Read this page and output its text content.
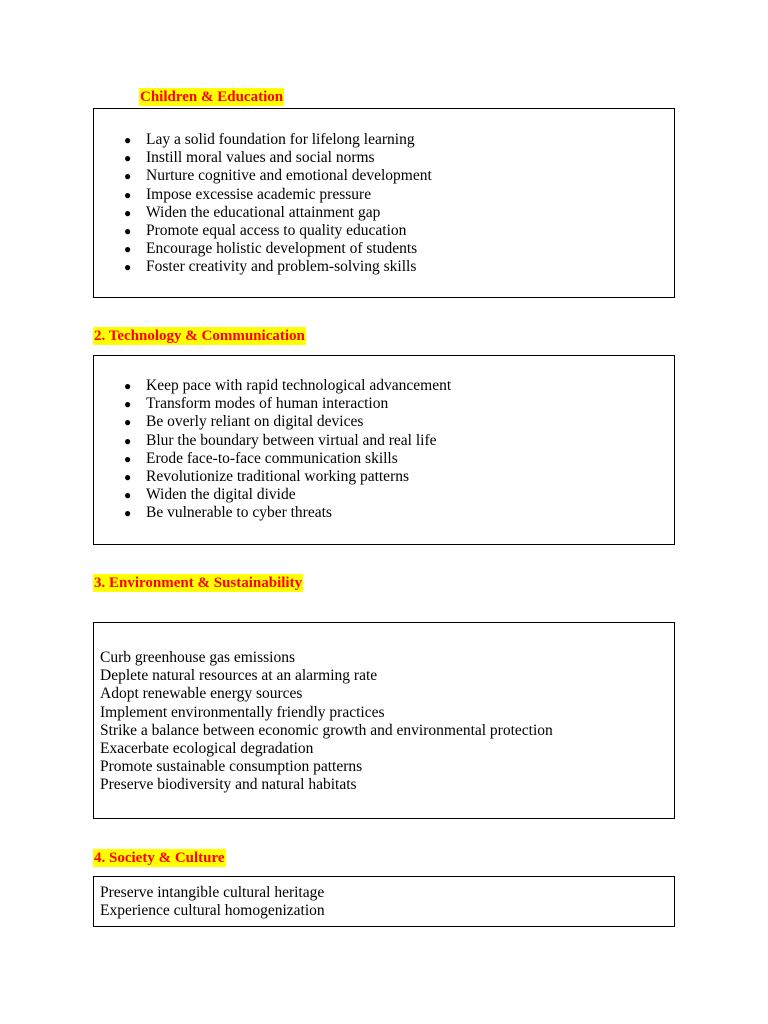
Children & Education
● Lay a solid foundation for lifelong learning
● Instill moral values and social norms
● Nurture cognitive and emotional development
● Impose excessise academic pressure
● Widen the educational attainment gap
● Promote equal access to quality education
● Encourage holistic development of students
● Foster creativity and problem-solving skills
2. Technology & Communication
● Keep pace with rapid technological advancement
● Transform modes of human interaction
● Be overly reliant on digital devices
● Blur the boundary between virtual and real life
● Erode face-to-face communication skills
● Revolutionize traditional working patterns
● Widen the digital divide
● Be vulnerable to cyber threats
3. Environment & Sustainability
Curb greenhouse gas emissions
Deplete natural resources at an alarming rate
Adopt renewable energy sources
Implement environmentally friendly practices
Strike a balance between economic growth and environmental protection
Exacerbate ecological degradation
Promote sustainable consumption patterns
Preserve biodiversity and natural habitats
4. Society & Culture
Preserve intangible cultural heritage
Experience cultural homogenization
